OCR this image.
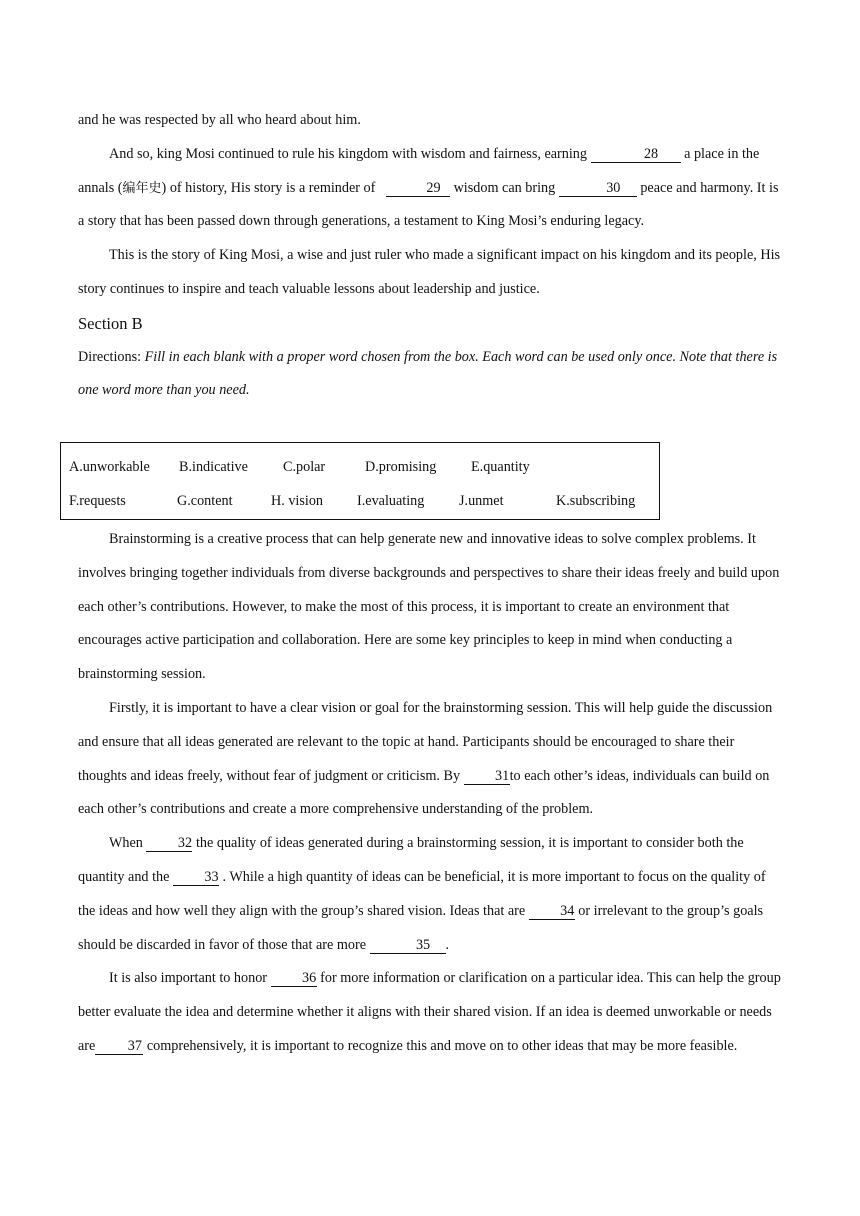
and he was respected by all who heard about him.

And so, king Mosi continued to rule his kingdom with wisdom and fairness, earning	28 a place in the annals (编年史) of history, His story is a reminder of	29 wisdom can bring	30 peace and harmony. It is a story that has been passed down through generations, a testament to King Mosi’s enduring legacy.

This is the story of King Mosi, a wise and just ruler who made a significant impact on his kingdom and its people, His story continues to inspire and teach valuable lessons about leadership and justice.

Section B

Directions: Fill in each blank with a proper word chosen from the box. Each word can be used only once. Note that there is one word more than you need.

A.unworkable B.indicative C.polar	D.promising E.quantity
F.requests	G.content	H. vision I.evaluating J.unmet	K.subscribing

Brainstorming is a creative process that can help generate new and innovative ideas to solve complex problems. It involves bringing together individuals from diverse backgrounds and perspectives to share their ideas freely and build upon each other’s contributions. However, to make the most of this process, it is important to create an environment that encourages active participation and collaboration. Here are some key principles to keep in mind when conducting a brainstorming session.

Firstly, it is important to have a clear vision or goal for the brainstorming session. This will help guide the discussion and ensure that all ideas generated are relevant to the topic at hand. Participants should be encouraged to share their thoughts and ideas freely, without fear of judgment or criticism. By 31to each other’s ideas, individuals can build on each other’s contributions and create a more comprehensive understanding of the problem.

When 32 the quality of ideas generated during a brainstorming session, it is important to consider both the quantity and the 33 . While a high quantity of ideas can be beneficial, it is more important to focus on the quality of the ideas and how well they align with the group’s shared vision. Ideas that are 34 or irrelevant to the group’s goals should be discarded in favor of those that are more	35 .

It is also important to honor 36 for more information or clarification on a particular idea. This can help the group better evaluate the idea and determine whether it aligns with their shared vision. If an idea is deemed unworkable or needs are 37 comprehensively, it is important to recognize this and move on to other ideas that may be more feasible.
